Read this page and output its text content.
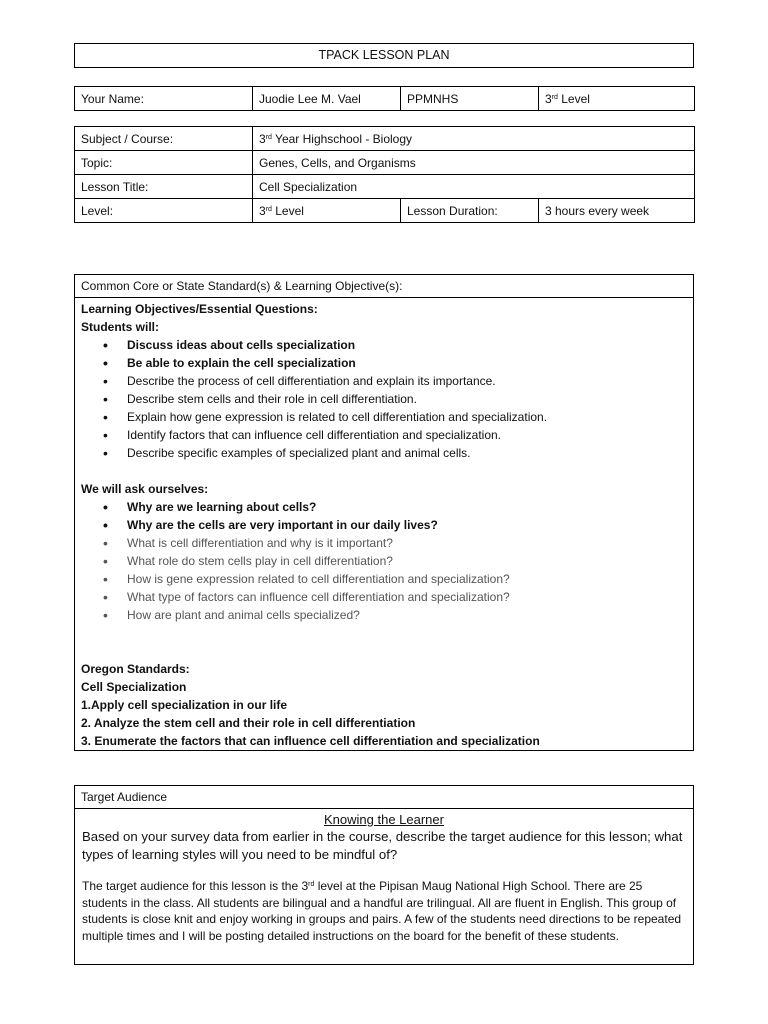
TPACK LESSON PLAN
Your Name:	Juodie Lee M. Vael	PPMNHS	3rd Level
Subject / Course:	3rd Year Highschool - Biology		
Topic:	Genes, Cells, and Organisms		
Lesson Title:	Cell Specialization		
Level:	3rd Level	Lesson Duration:	3 hours every week
Common Core or State Standard(s) & Learning Objective(s):
Learning Objectives/Essential Questions:
Students will:
• Discuss ideas about cells specialization
• Be able to explain the cell specialization
• Describe the process of cell differentiation and explain its importance.
• Describe stem cells and their role in cell differentiation.
• Explain how gene expression is related to cell differentiation and specialization.
• Identify factors that can influence cell differentiation and specialization.
• Describe specific examples of specialized plant and animal cells.
We will ask ourselves:
• Why are we learning about cells?
• Why are the cells are very important in our daily lives?
• What is cell differentiation and why is it important?
• What role do stem cells play in cell differentiation?
• How is gene expression related to cell differentiation and specialization?
• What type of factors can influence cell differentiation and specialization?
• How are plant and animal cells specialized?
Oregon Standards:
Cell Specialization
1.Apply cell specialization in our life
2. Analyze the stem cell and their role in cell differentiation
3. Enumerate the factors that can influence cell differentiation and specialization
Target Audience
Knowing the Learner
Based on your survey data from earlier in the course, describe the target audience for this lesson; what types of learning styles will you need to be mindful of?
The target audience for this lesson is the 3rd level at the Pipisan Maug National High School. There are 25 students in the class. All students are bilingual and a handful are trilingual. All are fluent in English. This group of students is close knit and enjoy working in groups and pairs. A few of the students need directions to be repeated multiple times and I will be posting detailed instructions on the board for the benefit of these students.
